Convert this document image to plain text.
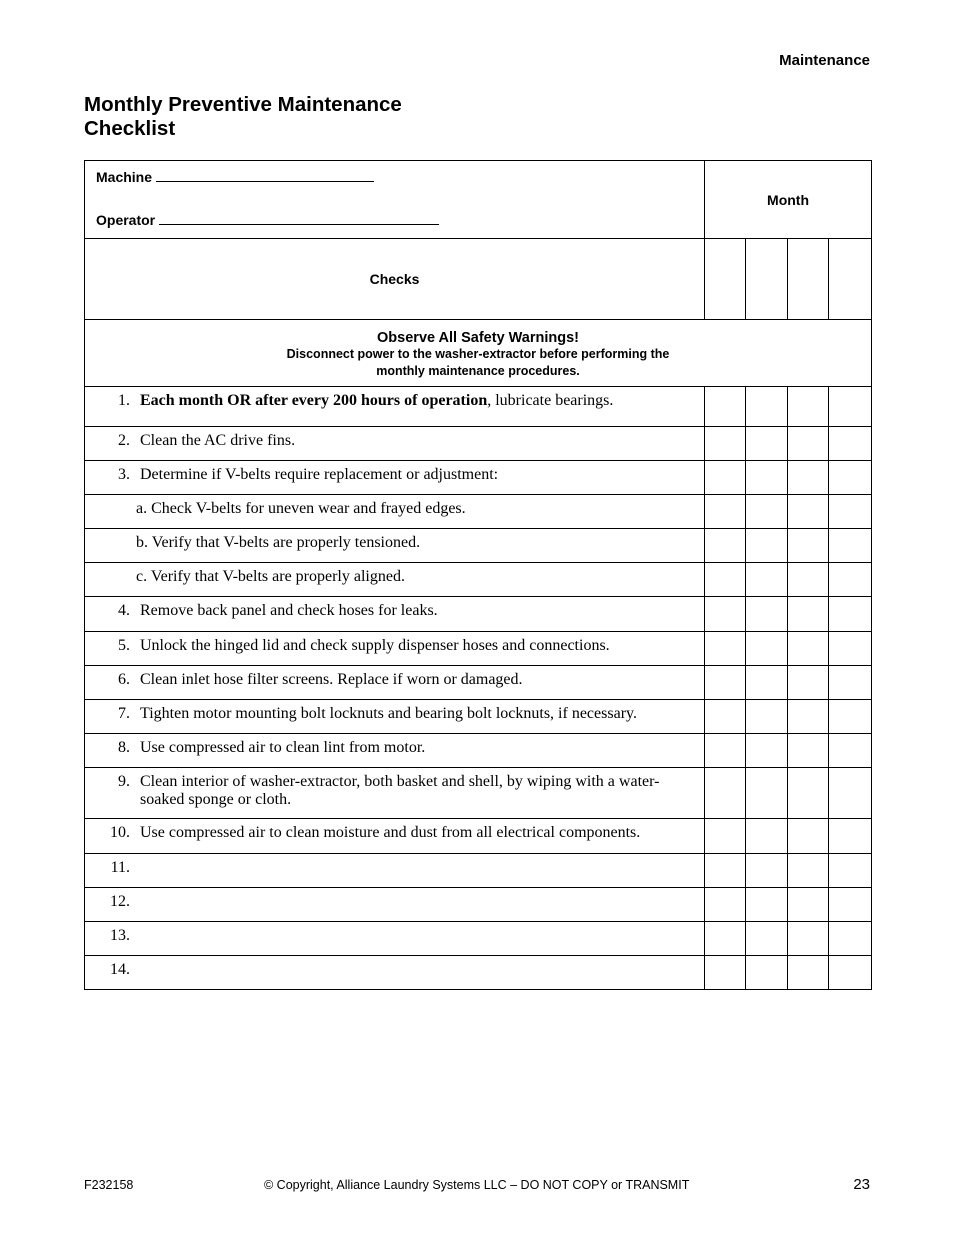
Maintenance
Monthly Preventive Maintenance
Checklist
Machine
Operator	Month			
Checks				

Observe All Safety Warnings!
Disconnect power to the washer-extractor before performing the
monthly maintenance procedures.				

1. Each month OR after every 200 hours of operation, lubricate bearings.				

2. Clean the AC drive fins.				

3. Determine if V-belts require replacement or adjustment:				

a. Check V-belts for uneven wear and frayed edges.				

b. Verify that V-belts are properly tensioned.				

c. Verify that V-belts are properly aligned.				

4. Remove back panel and check hoses for leaks.				

5. Unlock the hinged lid and check supply dispenser hoses and connections.				

6. Clean inlet hose filter screens. Replace if worn or damaged.				

7. Tighten motor mounting bolt locknuts and bearing bolt locknuts, if necessary.				

8. Use compressed air to clean lint from motor.				

9. Clean interior of washer-extractor, both basket and shell, by wiping with a water-soaked sponge or cloth.				

10. Use compressed air to clean moisture and dust from all electrical components.				

11.				

12.				

13.				

14.				

F232158	© Copyright, Alliance Laundry Systems LLC – DO NOT COPY or TRANSMIT	23
